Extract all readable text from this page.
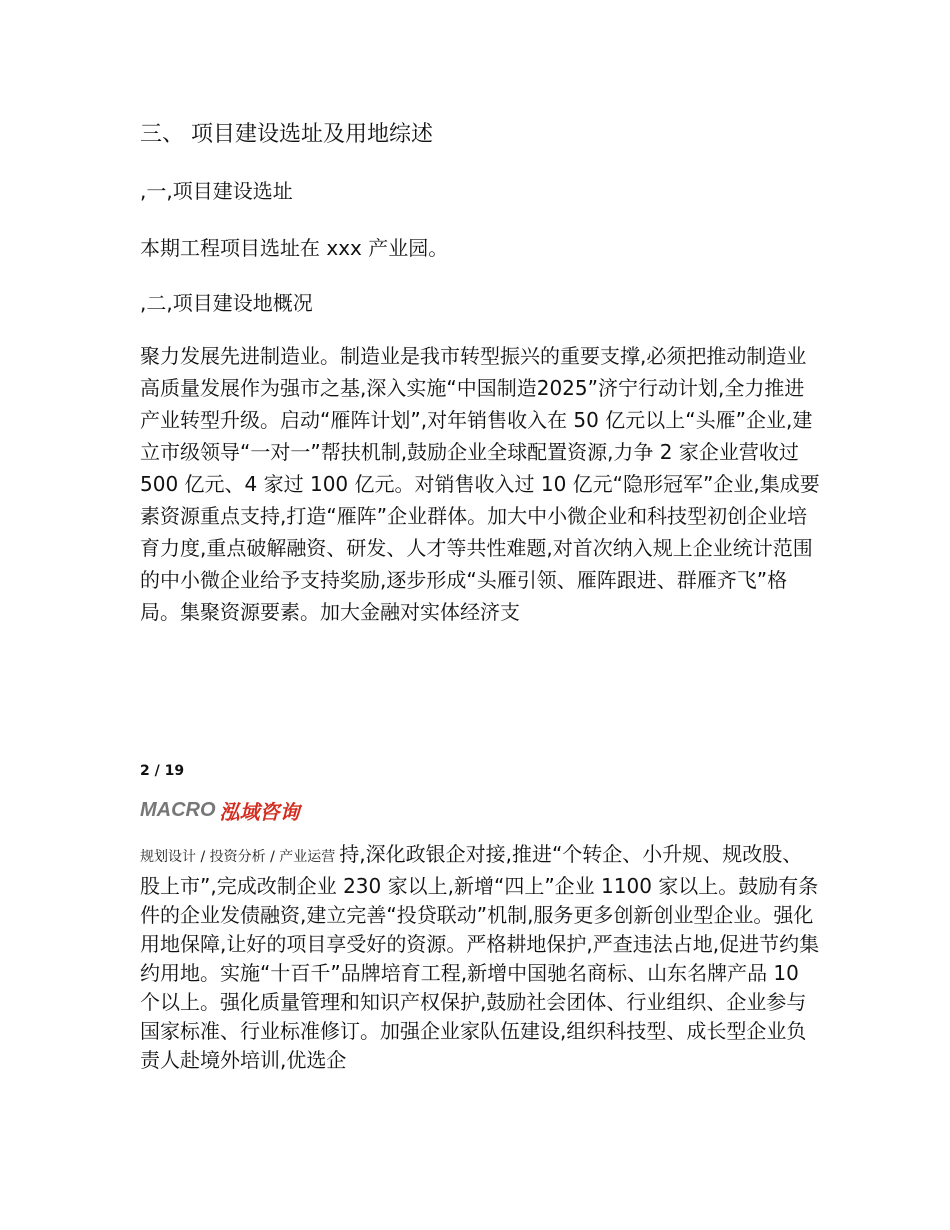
三、 项目建设选址及用地综述
,一,项目建设选址
本期工程项目选址在 xxx 产业园。
,二,项目建设地概况
聚力发展先进制造业。制造业是我市转型振兴的重要支撑,必须把推动制造业高质量发展作为强市之基,深入实施“中国制造2025”济宁行动计划,全力推进产业转型升级。启动“雁阵计划”,对年销售收入在 50 亿元以上“头雁”企业,建立市级领导“一对一”帮扶机制,鼓励企业全球配置资源,力争 2 家企业营收过 500 亿元、4 家过 100 亿元。对销售收入过 10 亿元“隐形冠军”企业,集成要素资源重点支持,打造“雁阵”企业群体。加大中小微企业和科技型初创企业培育力度,重点破解融资、研发、人才等共性难题,对首次纳入规上企业统计范围的中小微企业给予支持奖励,逐步形成“头雁引领、雁阵跟进、群雁齐飞”格局。集聚资源要素。加大金融对实体经济支
2 / 19
MACRO 泓域咨询
规划设计 / 投资分析 / 产业运营 持,深化政银企对接,推进“个转企、小升规、规改股、股上市”,完成改制企业 230 家以上,新增“四上”企业 1100 家以上。鼓励有条件的企业发债融资,建立完善“投贷联动”机制,服务更多创新创业型企业。强化用地保障,让好的项目享受好的资源。严格耕地保护,严查违法占地,促进节约集约用地。实施“十百千”品牌培育工程,新增中国驰名商标、山东名牌产品 10 个以上。强化质量管理和知识产权保护,鼓励社会团体、行业组织、企业参与国家标准、行业标准修订。加强企业家队伍建设,组织科技型、成长型企业负责人赴境外培训,优选企
